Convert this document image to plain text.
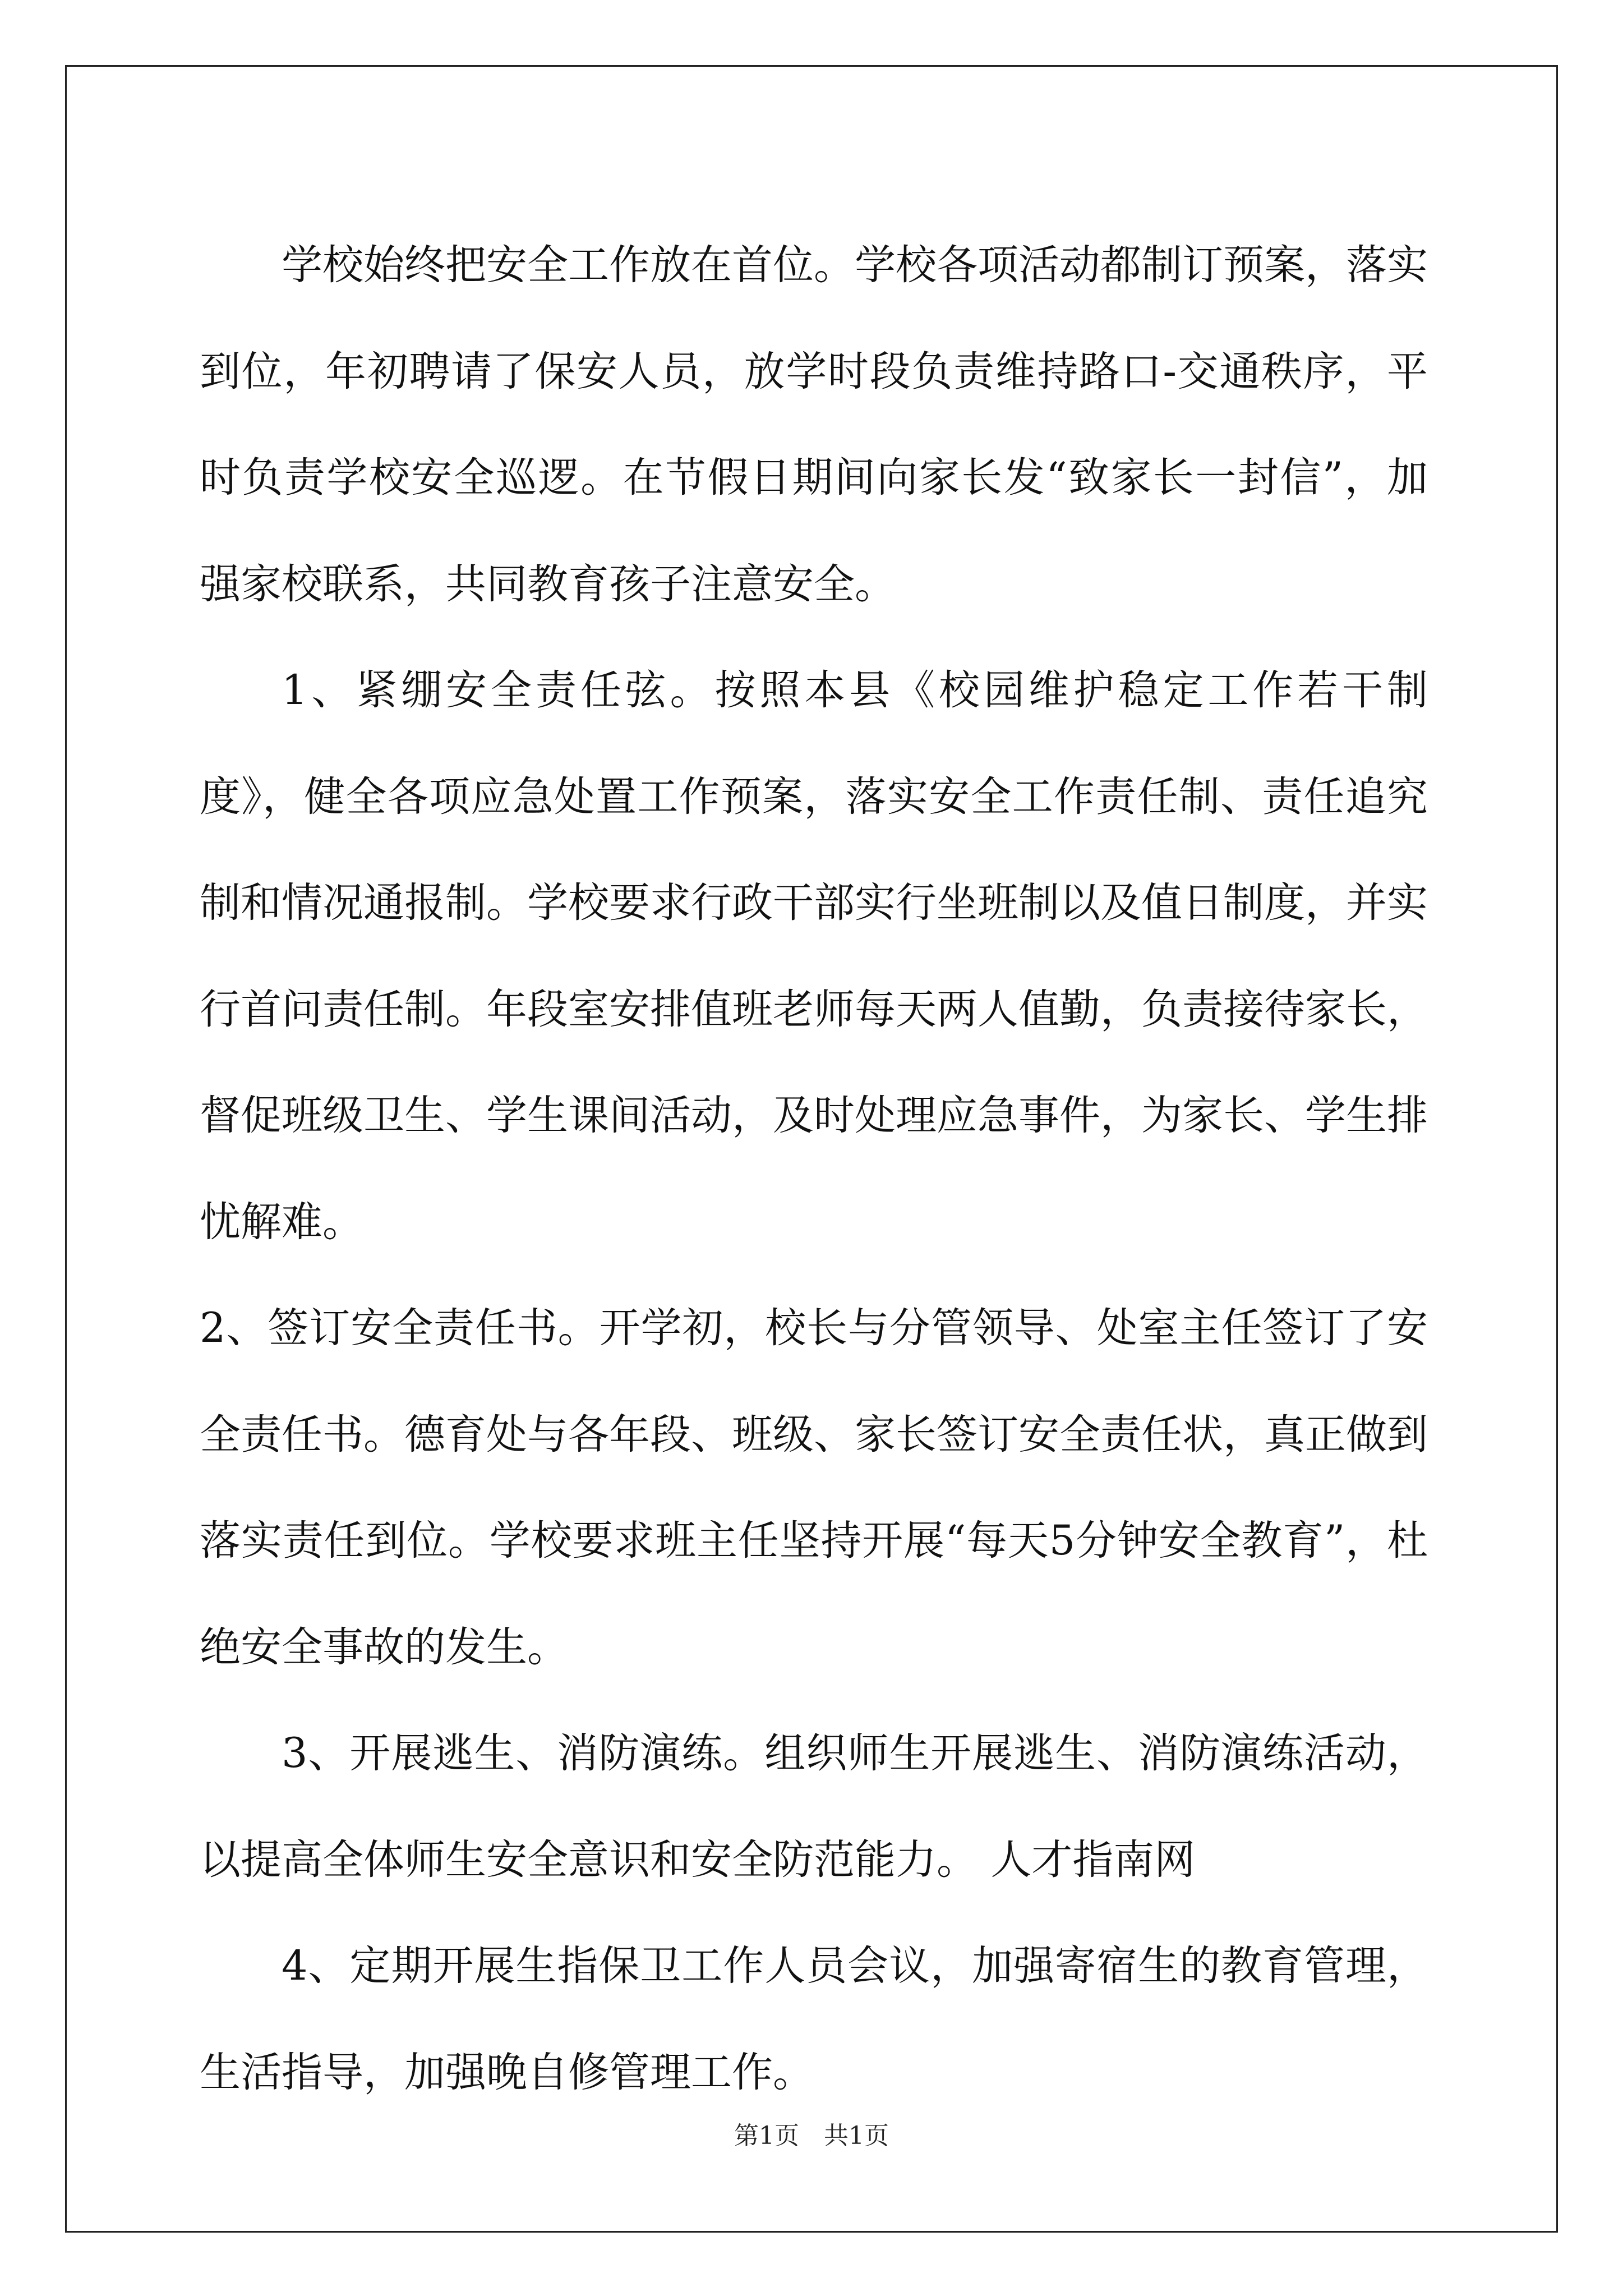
学校始终把安全工作放在首位。学校各项活动都制订预案，落实到位，年初聘请了保安人员，放学时段负责维持路口-交通秩序，平时负责学校安全巡逻。在节假日期间向家长发“致家长一封信”，加强家校联系，共同教育孩子注意安全。

1、紧绷安全责任弦。按照本县《校园维护稳定工作若干制度》，健全各项应急处置工作预案，落实安全工作责任制、责任追究制和情况通报制。学校要求行政干部实行坐班制以及值日制度，并实行首问责任制。年段室安排值班老师每天两人值勤，负责接待家长，督促班级卫生、学生课间活动，及时处理应急事件，为家长、学生排忧解难。

2、签订安全责任书。开学初，校长与分管领导、处室主任签订了安全责任书。德育处与各年段、班级、家长签订安全责任状，真正做到落实责任到位。学校要求班主任坚持开展“每天5分钟安全教育”，杜绝安全事故的发生。

3、开展逃生、消防演练。组织师生开展逃生、消防演练活动，以提高全体师生安全意识和安全防范能力。 人才指南网

4、定期开展生指保卫工作人员会议，加强寄宿生的教育管理，生活指导，加强晚自修管理工作。

第1页　共1页
